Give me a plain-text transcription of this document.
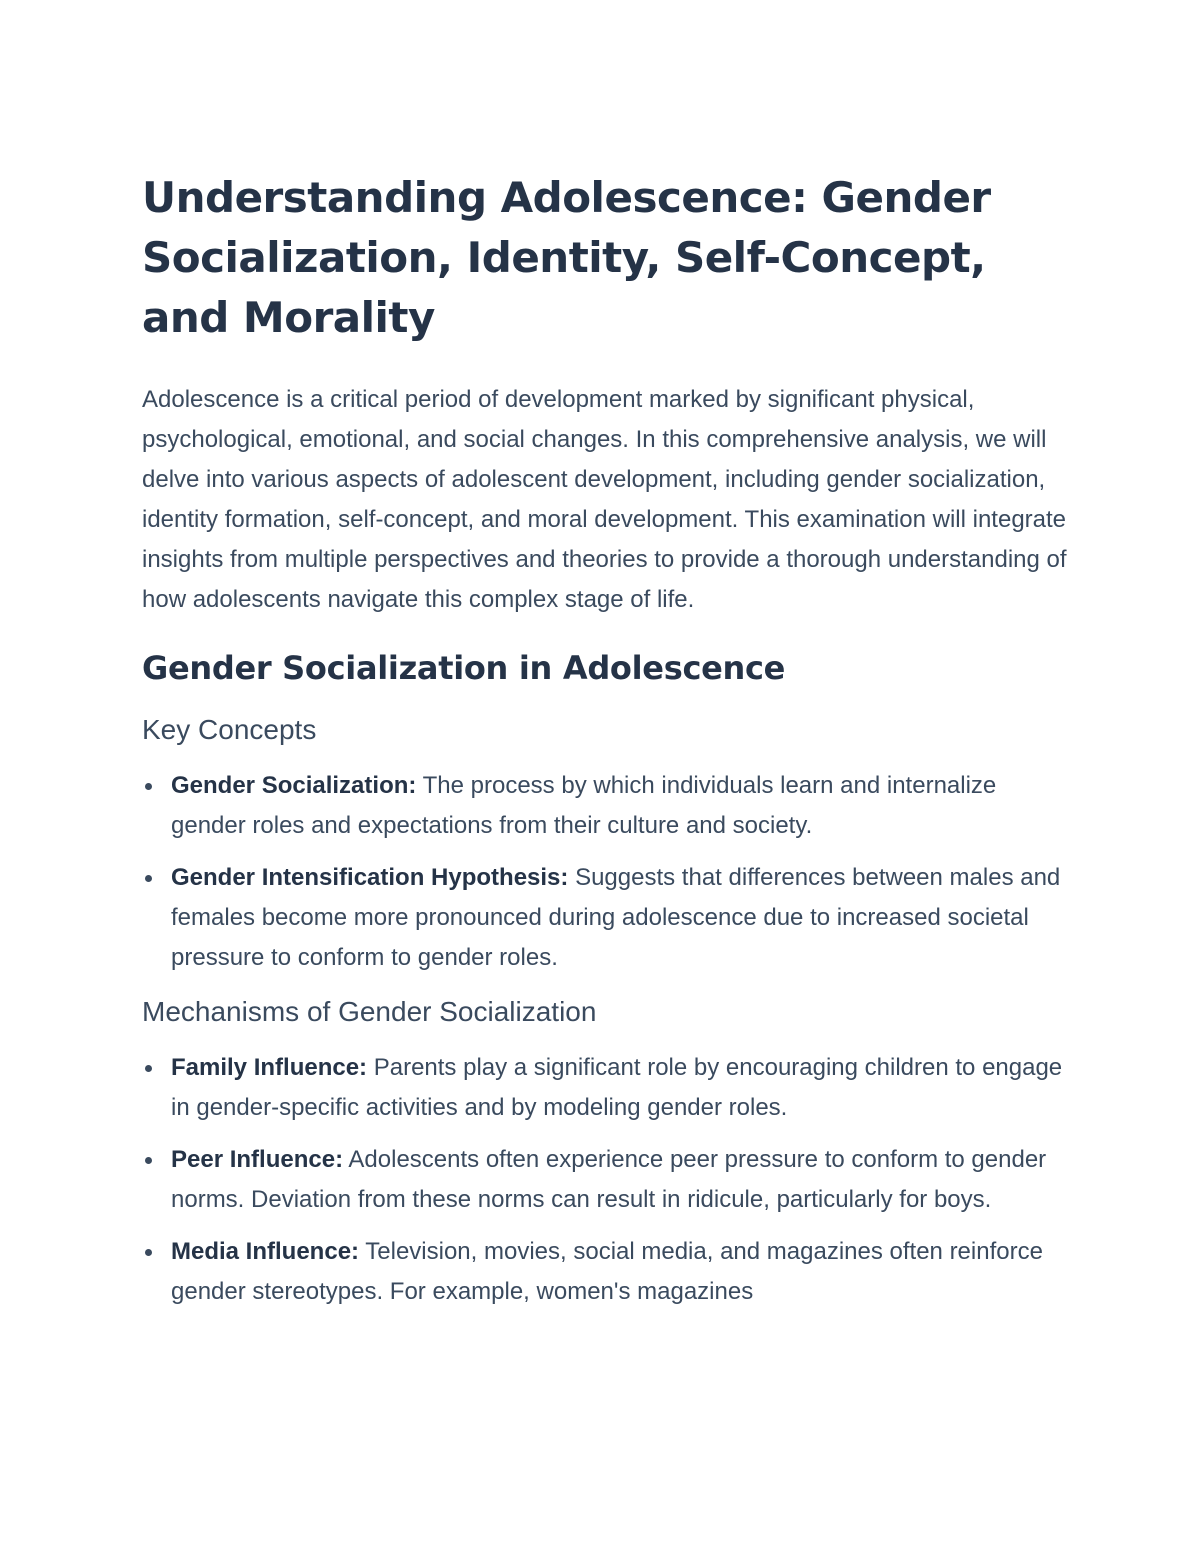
Understanding Adolescence: Gender Socialization, Identity, Self-Concept, and Morality

Adolescence is a critical period of development marked by significant physical, psychological, emotional, and social changes. In this comprehensive analysis, we will delve into various aspects of adolescent development, including gender socialization, identity formation, self-concept, and moral development. This examination will integrate insights from multiple perspectives and theories to provide a thorough understanding of how adolescents navigate this complex stage of life.

Gender Socialization in Adolescence
Key Concepts
Gender Socialization: The process by which individuals learn and internalize gender roles and expectations from their culture and society.
Gender Intensification Hypothesis: Suggests that differences between males and females become more pronounced during adolescence due to increased societal pressure to conform to gender roles.
Mechanisms of Gender Socialization
Family Influence: Parents play a significant role by encouraging children to engage in gender-specific activities and by modeling gender roles.
Peer Influence: Adolescents often experience peer pressure to conform to gender norms. Deviation from these norms can result in ridicule, particularly for boys.
Media Influence: Television, movies, social media, and magazines often reinforce gender stereotypes. For example, women's magazines
